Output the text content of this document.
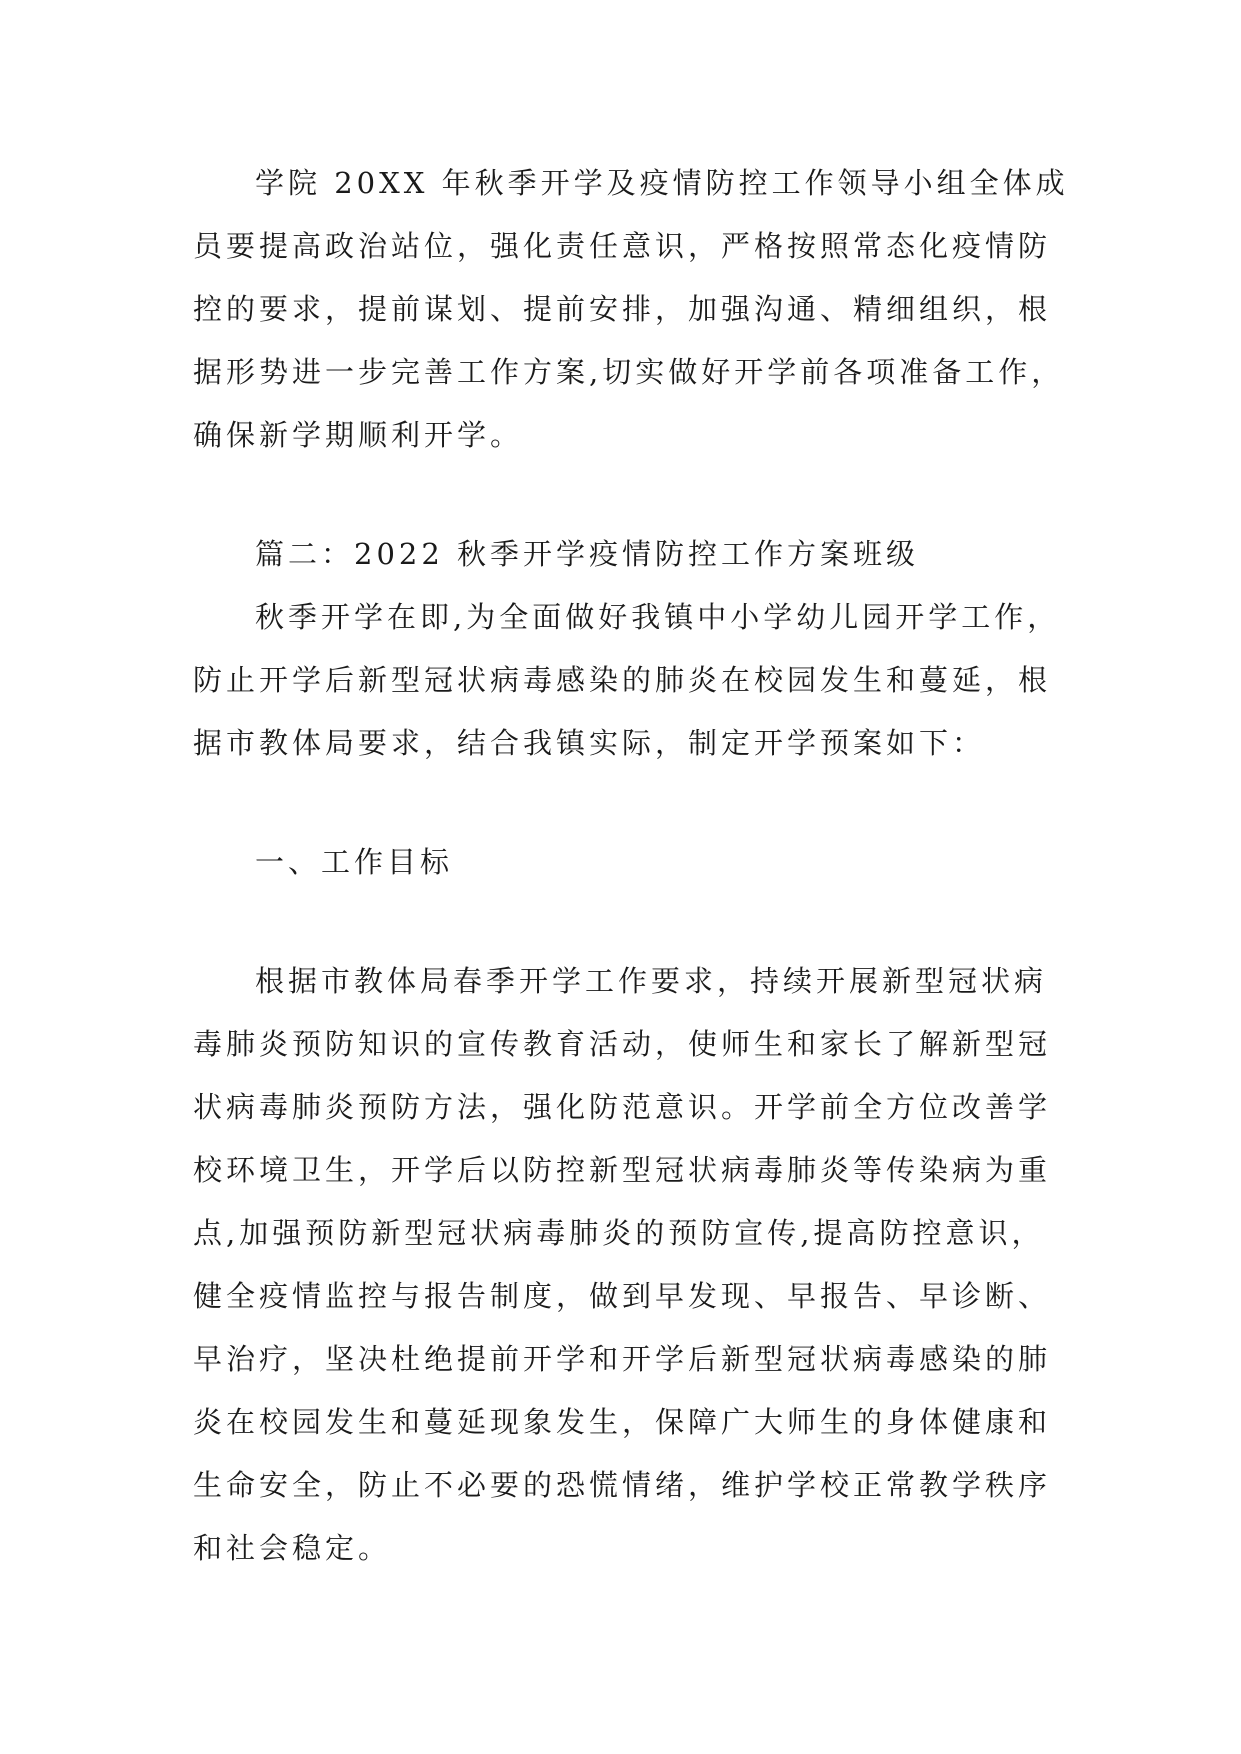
学院 20XX 年秋季开学及疫情防控工作领导小组全体成
员要提高政治站位，强化责任意识，严格按照常态化疫情防
控的要求，提前谋划、提前安排，加强沟通、精细组织，根
据形势进一步完善工作方案,切实做好开学前各项准备工作，
确保新学期顺利开学。
篇二：2022 秋季开学疫情防控工作方案班级
秋季开学在即,为全面做好我镇中小学幼儿园开学工作，
防止开学后新型冠状病毒感染的肺炎在校园发生和蔓延，根
据市教体局要求，结合我镇实际，制定开学预案如下：
一、工作目标
根据市教体局春季开学工作要求，持续开展新型冠状病
毒肺炎预防知识的宣传教育活动，使师生和家长了解新型冠
状病毒肺炎预防方法，强化防范意识。开学前全方位改善学
校环境卫生，开学后以防控新型冠状病毒肺炎等传染病为重
点,加强预防新型冠状病毒肺炎的预防宣传,提高防控意识，
健全疫情监控与报告制度，做到早发现、早报告、早诊断、
早治疗，坚决杜绝提前开学和开学后新型冠状病毒感染的肺
炎在校园发生和蔓延现象发生，保障广大师生的身体健康和
生命安全，防止不必要的恐慌情绪，维护学校正常教学秩序
和社会稳定。
